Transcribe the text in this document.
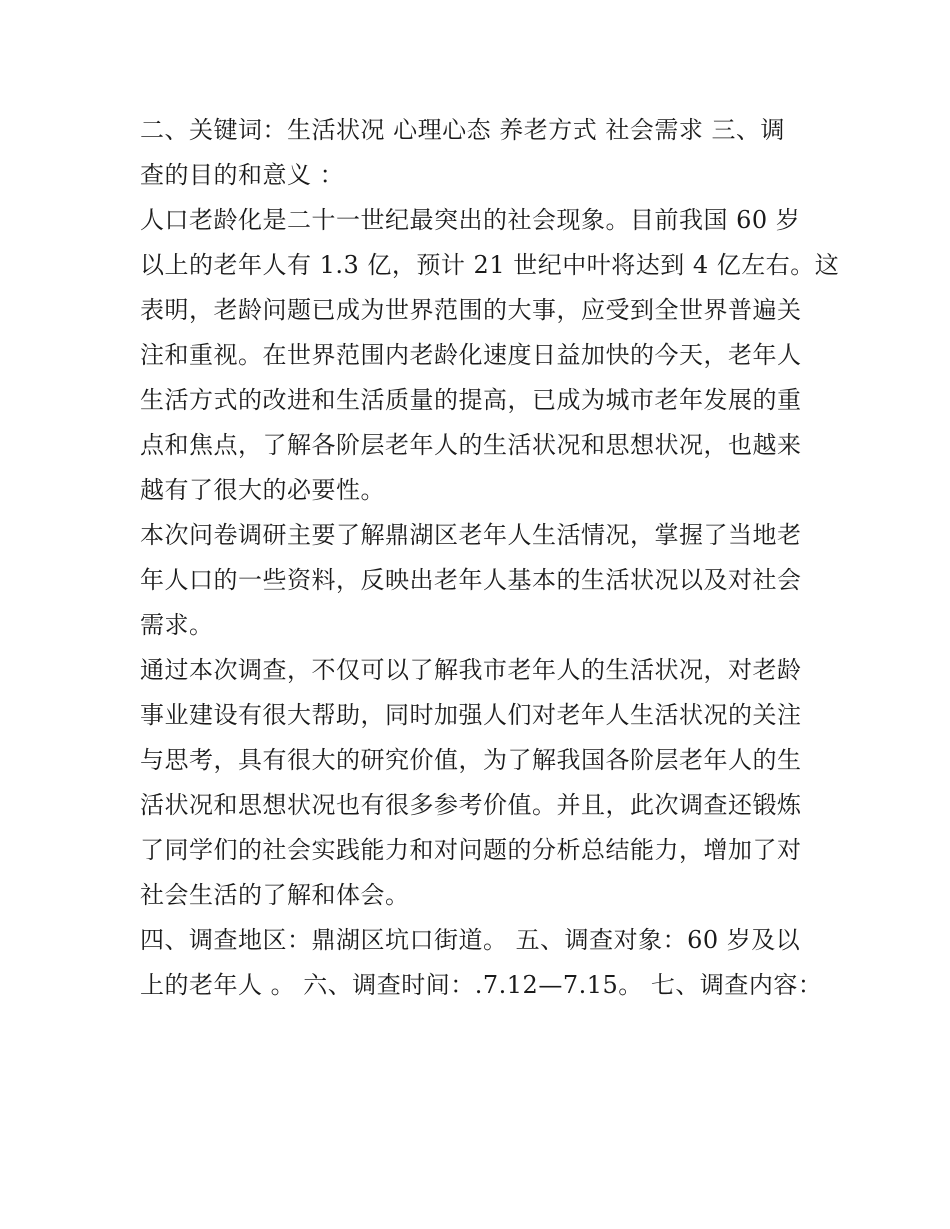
二、关键词：生活状况 心理心态 养老方式 社会需求 三、调
查的目的和意义 ：
人口老龄化是二十一世纪最突出的社会现象。目前我国 60 岁
以上的老年人有 1.3 亿，预计 21 世纪中叶将达到 4 亿左右。这
表明，老龄问题已成为世界范围的大事，应受到全世界普遍关
注和重视。在世界范围内老龄化速度日益加快的今天，老年人
生活方式的改进和生活质量的提高，已成为城市老年发展的重
点和焦点，了解各阶层老年人的生活状况和思想状况，也越来
越有了很大的必要性。
本次问卷调研主要了解鼎湖区老年人生活情况，掌握了当地老
年人口的一些资料，反映出老年人基本的生活状况以及对社会
需求。
通过本次调查，不仅可以了解我市老年人的生活状况，对老龄
事业建设有很大帮助，同时加强人们对老年人生活状况的关注
与思考，具有很大的研究价值，为了解我国各阶层老年人的生
活状况和思想状况也有很多参考价值。并且，此次调查还锻炼
了同学们的社会实践能力和对问题的分析总结能力，增加了对
社会生活的了解和体会。
四、调查地区：鼎湖区坑口街道。 五、调查对象：60 岁及以
上的老年人 。 六、调查时间：.7.12—7.15。 七、调查内容：
